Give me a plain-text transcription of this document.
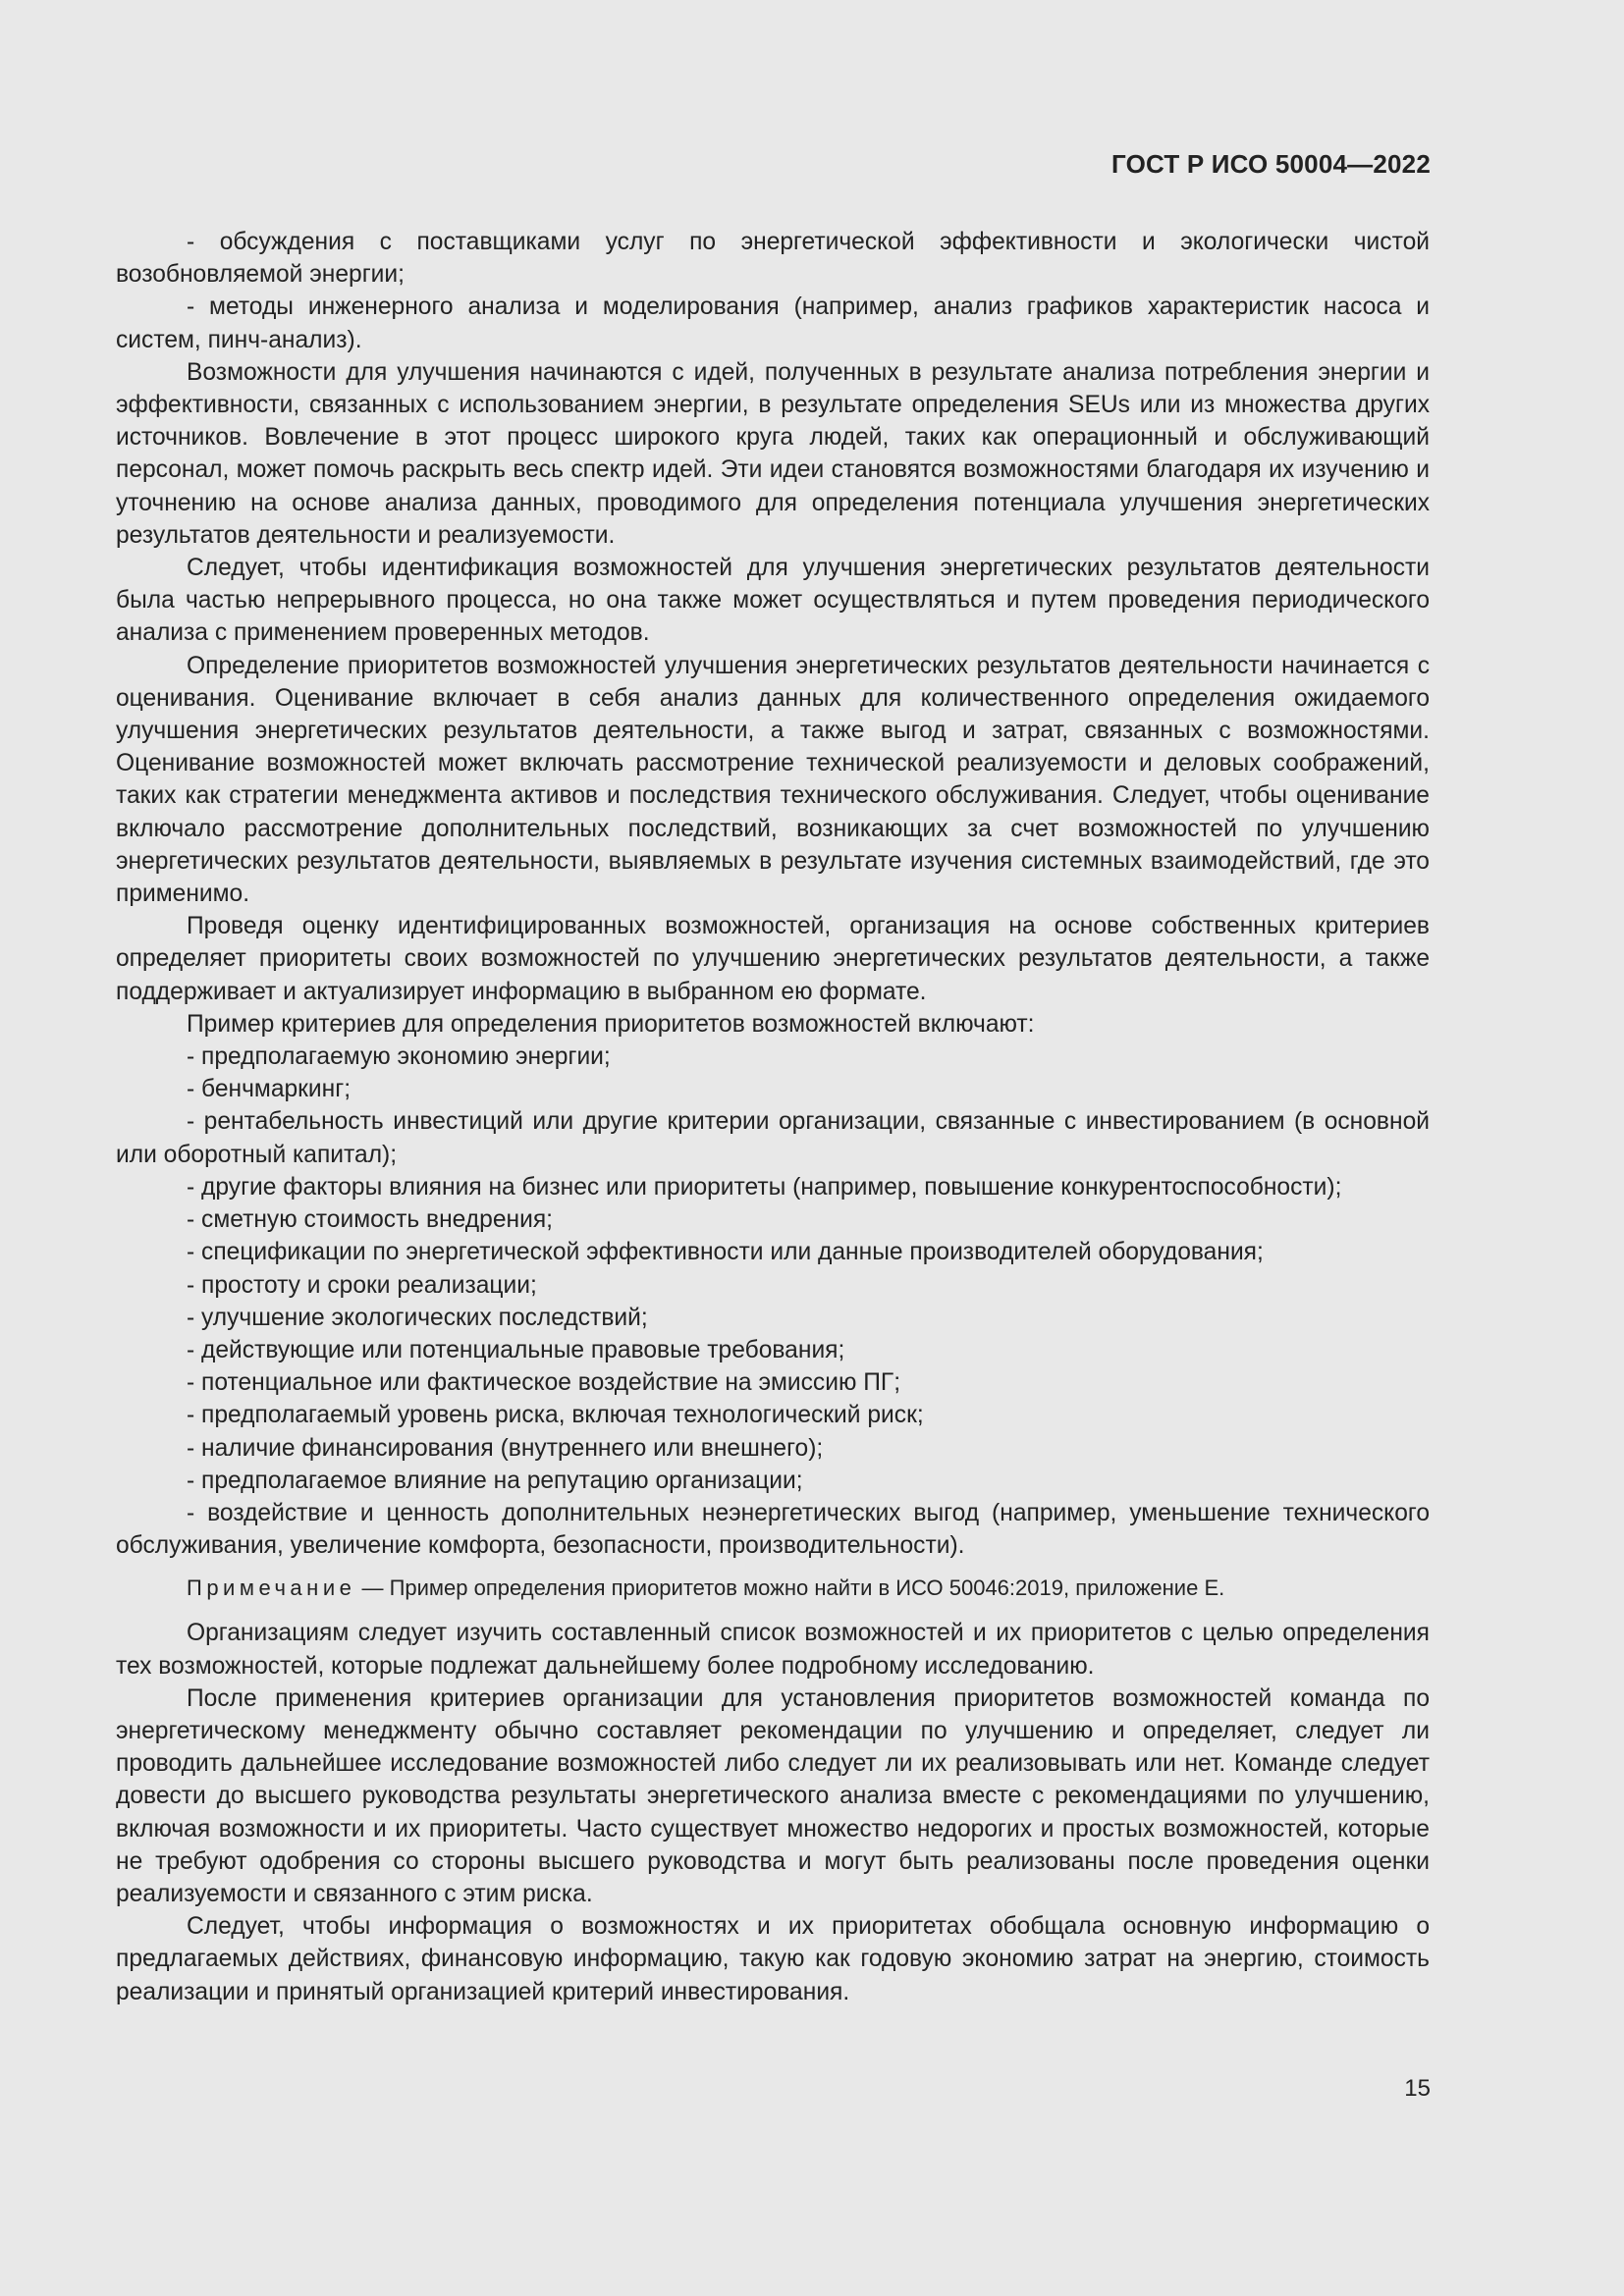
ГОСТ Р ИСО 50004—2022

- обсуждения с поставщиками услуг по энергетической эффективности и экологически чистой возобновляемой энергии;

- методы инженерного анализа и моделирования (например, анализ графиков характеристик насоса и систем, пинч-анализ).

Возможности для улучшения начинаются с идей, полученных в результате анализа потребления энергии и эффективности, связанных с использованием энергии, в результате определения SEUs или из множества других источников. Вовлечение в этот процесс широкого круга людей, таких как операционный и обслуживающий персонал, может помочь раскрыть весь спектр идей. Эти идеи становятся возможностями благодаря их изучению и уточнению на основе анализа данных, проводимого для определения потенциала улучшения энергетических результатов деятельности и реализуемости.

Следует, чтобы идентификация возможностей для улучшения энергетических результатов деятельности была частью непрерывного процесса, но она также может осуществляться и путем проведения периодического анализа с применением проверенных методов.

Определение приоритетов возможностей улучшения энергетических результатов деятельности начинается с оценивания. Оценивание включает в себя анализ данных для количественного определения ожидаемого улучшения энергетических результатов деятельности, а также выгод и затрат, связанных с возможностями. Оценивание возможностей может включать рассмотрение технической реализуемости и деловых соображений, таких как стратегии менеджмента активов и последствия технического обслуживания. Следует, чтобы оценивание включало рассмотрение дополнительных последствий, возникающих за счет возможностей по улучшению энергетических результатов деятельности, выявляемых в результате изучения системных взаимодействий, где это применимо.

Проведя оценку идентифицированных возможностей, организация на основе собственных критериев определяет приоритеты своих возможностей по улучшению энергетических результатов деятельности, а также поддерживает и актуализирует информацию в выбранном ею формате.

Пример критериев для определения приоритетов возможностей включают:

- предполагаемую экономию энергии;

- бенчмаркинг;

- рентабельность инвестиций или другие критерии организации, связанные с инвестированием (в основной или оборотный капитал);

- другие факторы влияния на бизнес или приоритеты (например, повышение конкурентоспособности);

- сметную стоимость внедрения;

- спецификации по энергетической эффективности или данные производителей оборудования;

- простоту и сроки реализации;

- улучшение экологических последствий;

- действующие или потенциальные правовые требования;

- потенциальное или фактическое воздействие на эмиссию ПГ;

- предполагаемый уровень риска, включая технологический риск;

- наличие финансирования (внутреннего или внешнего);

- предполагаемое влияние на репутацию организации;

- воздействие и ценность дополнительных неэнергетических выгод (например, уменьшение технического обслуживания, увеличение комфорта, безопасности, производительности).

Примечание — Пример определения приоритетов можно найти в ИСО 50046:2019, приложение Е.

Организациям следует изучить составленный список возможностей и их приоритетов с целью определения тех возможностей, которые подлежат дальнейшему более подробному исследованию.

После применения критериев организации для установления приоритетов возможностей команда по энергетическому менеджменту обычно составляет рекомендации по улучшению и определяет, следует ли проводить дальнейшее исследование возможностей либо следует ли их реализовывать или нет. Команде следует довести до высшего руководства результаты энергетического анализа вместе с рекомендациями по улучшению, включая возможности и их приоритеты. Часто существует множество недорогих и простых возможностей, которые не требуют одобрения со стороны высшего руководства и могут быть реализованы после проведения оценки реализуемости и связанного с этим риска.

Следует, чтобы информация о возможностях и их приоритетах обобщала основную информацию о предлагаемых действиях, финансовую информацию, такую как годовую экономию затрат на энергию, стоимость реализации и принятый организацией критерий инвестирования.

15
